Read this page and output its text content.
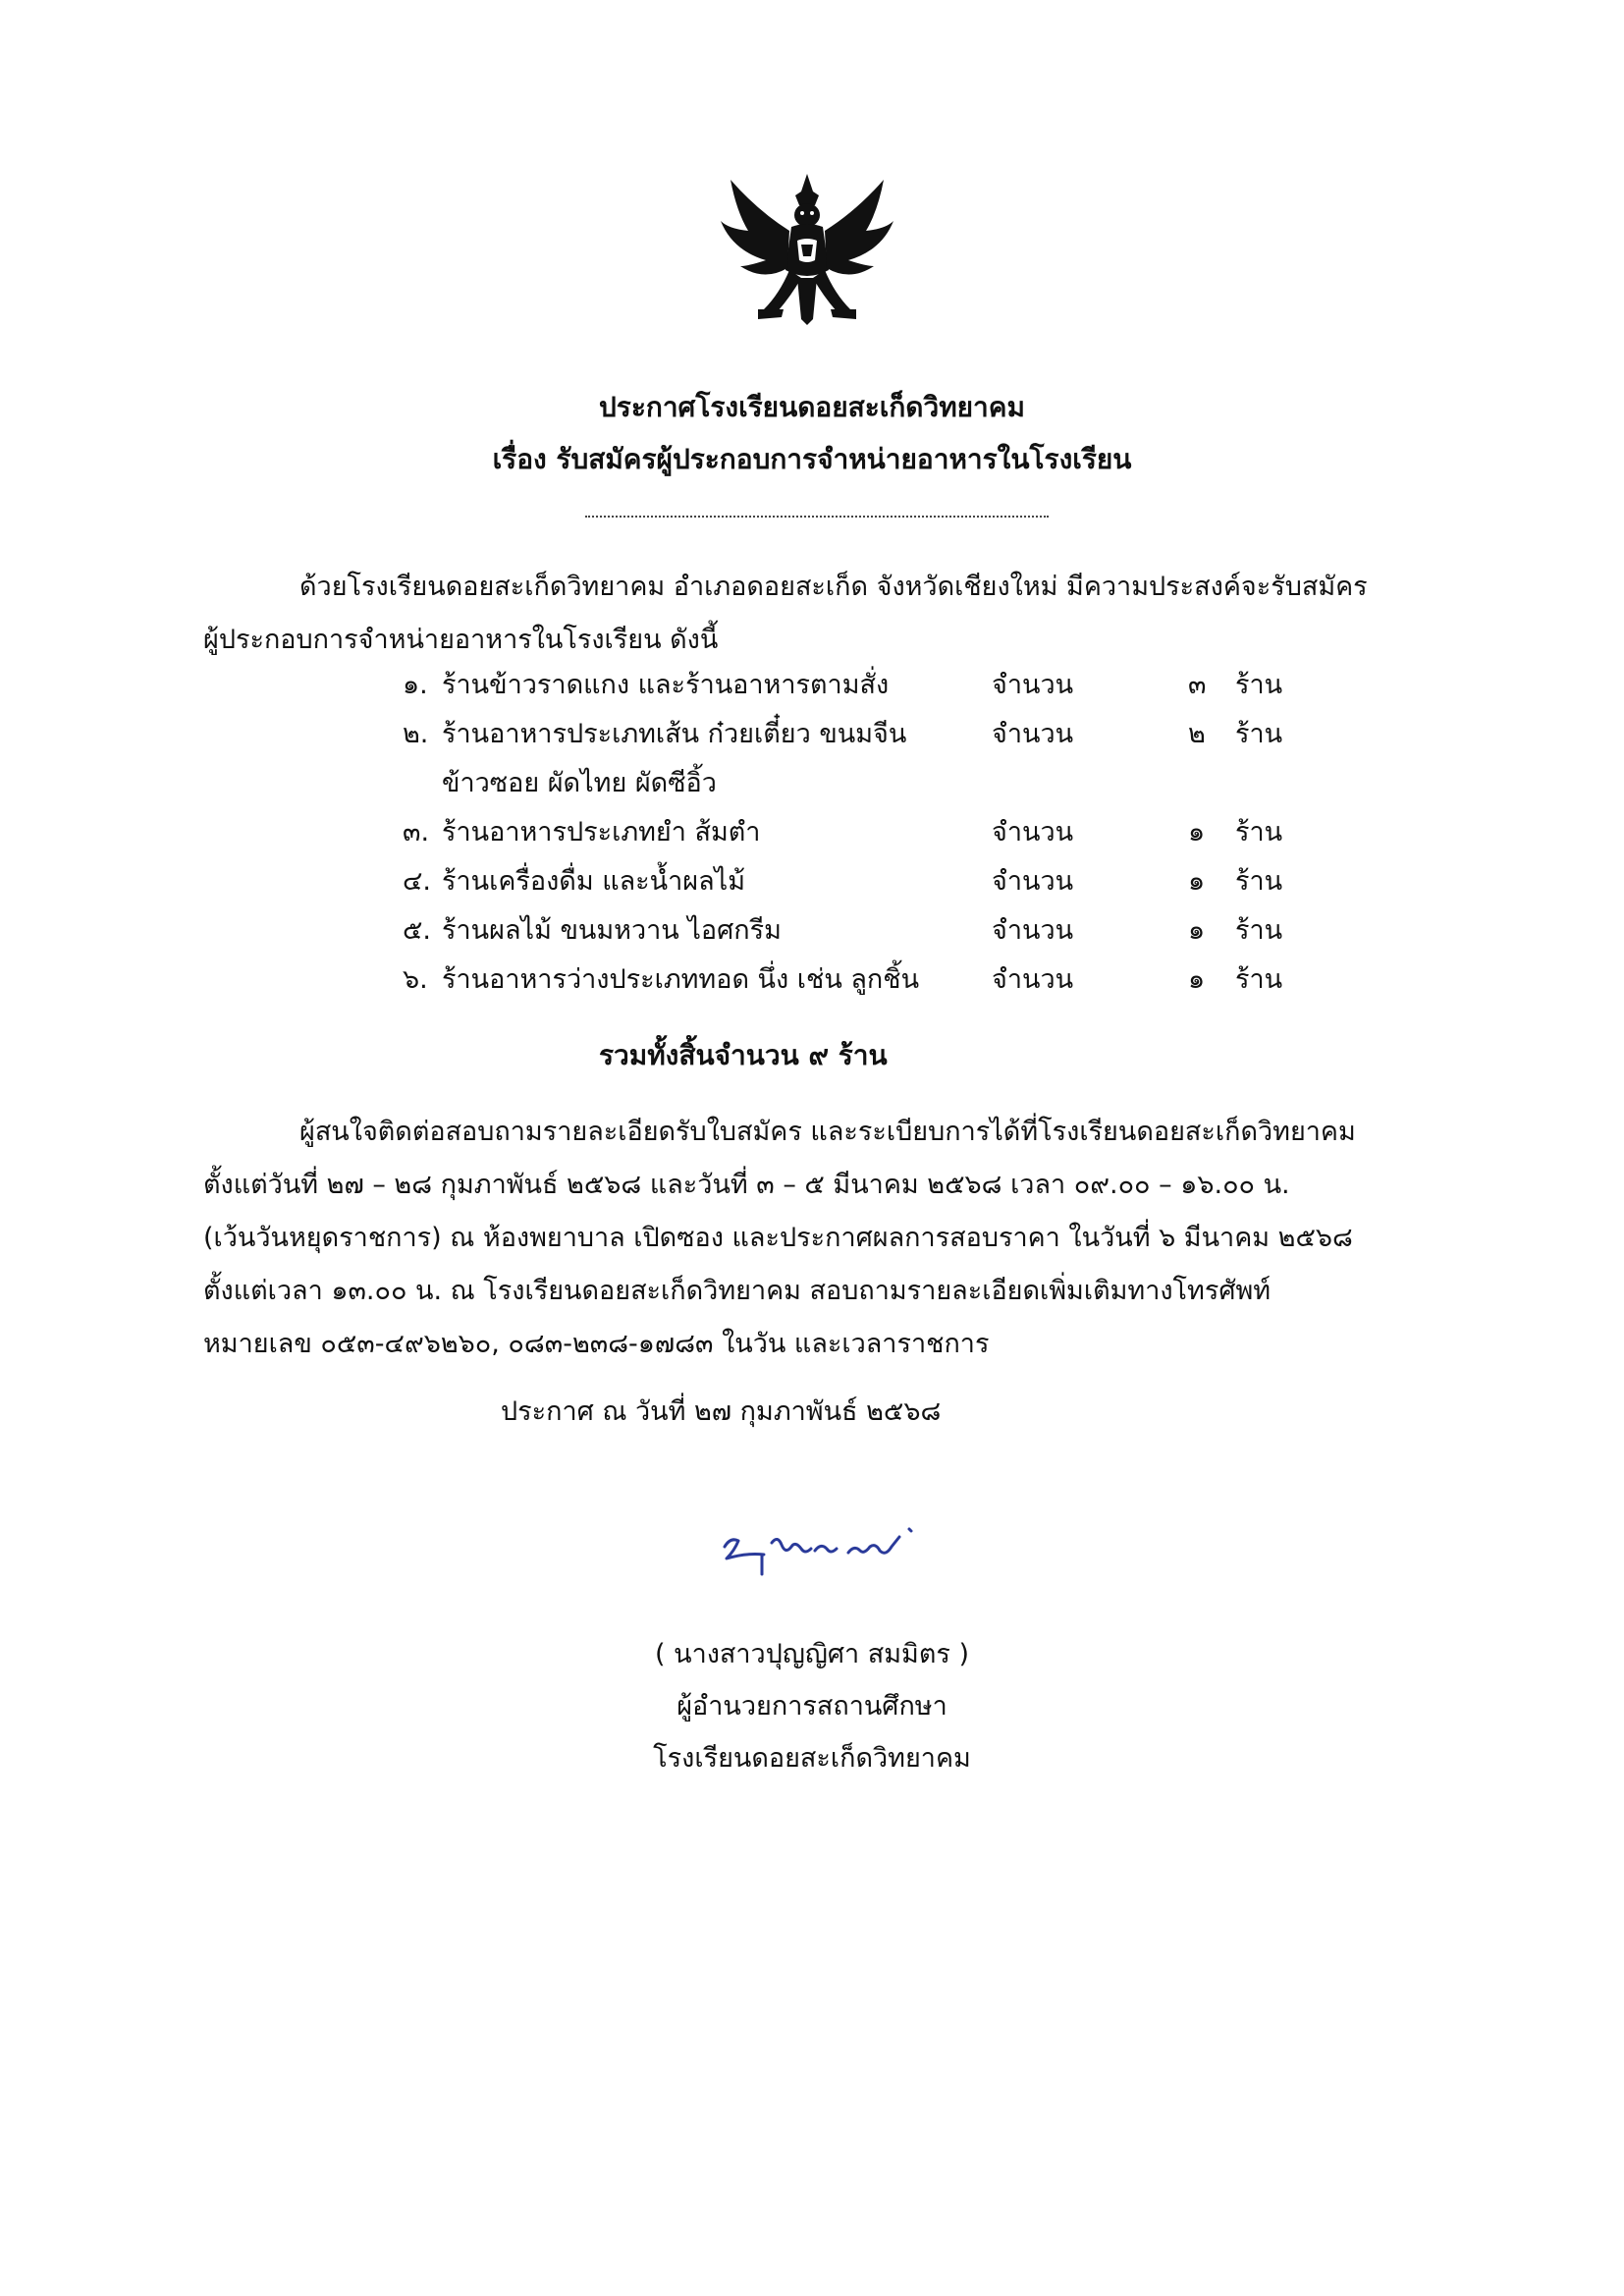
ประกาศโรงเรียนดอยสะเก็ดวิทยาคม
เรื่อง รับสมัครผู้ประกอบการจำหน่ายอาหารในโรงเรียน
ด้วยโรงเรียนดอยสะเก็ดวิทยาคม อำเภอดอยสะเก็ด จังหวัดเชียงใหม่ มีความประสงค์จะรับสมัคร
ผู้ประกอบการจำหน่ายอาหารในโรงเรียน ดังนี้
๑. ร้านข้าวราดแกง และร้านอาหารตามสั่ง	จำนวน	๓ ร้าน
๒. ร้านอาหารประเภทเส้น ก๋วยเตี๋ยว ขนมจีน	จำนวน	๒ ร้าน
ข้าวซอย ผัดไทย ผัดซีอิ้ว
๓. ร้านอาหารประเภทยำ ส้มตำ	จำนวน	๑ ร้าน
๔. ร้านเครื่องดื่ม และน้ำผลไม้	จำนวน	๑ ร้าน
๕. ร้านผลไม้ ขนมหวาน ไอศกรีม	จำนวน	๑ ร้าน
๖. ร้านอาหารว่างประเภททอด นึ่ง เช่น ลูกชิ้น	จำนวน	๑ ร้าน
รวมทั้งสิ้นจำนวน ๙ ร้าน
ผู้สนใจติดต่อสอบถามรายละเอียดรับใบสมัคร และระเบียบการได้ที่โรงเรียนดอยสะเก็ดวิทยาคม
ตั้งแต่วันที่ ๒๗ – ๒๘ กุมภาพันธ์ ๒๕๖๘ และวันที่ ๓ – ๕ มีนาคม ๒๕๖๘ เวลา ๐๙.๐๐ – ๑๖.๐๐ น.
(เว้นวันหยุดราชการ) ณ ห้องพยาบาล เปิดซอง และประกาศผลการสอบราคา ในวันที่ ๖ มีนาคม ๒๕๖๘
ตั้งแต่เวลา ๑๓.๐๐ น. ณ โรงเรียนดอยสะเก็ดวิทยาคม สอบถามรายละเอียดเพิ่มเติมทางโทรศัพท์
หมายเลข ๐๕๓-๔๙๖๒๖๐, ๐๘๓-๒๓๘-๑๗๘๓ ในวัน และเวลาราชการ
ประกาศ ณ วันที่ ๒๗ กุมภาพันธ์ ๒๕๖๘
( นางสาวปุญญิศา สมมิตร )
ผู้อำนวยการสถานศึกษา
โรงเรียนดอยสะเก็ดวิทยาคม
